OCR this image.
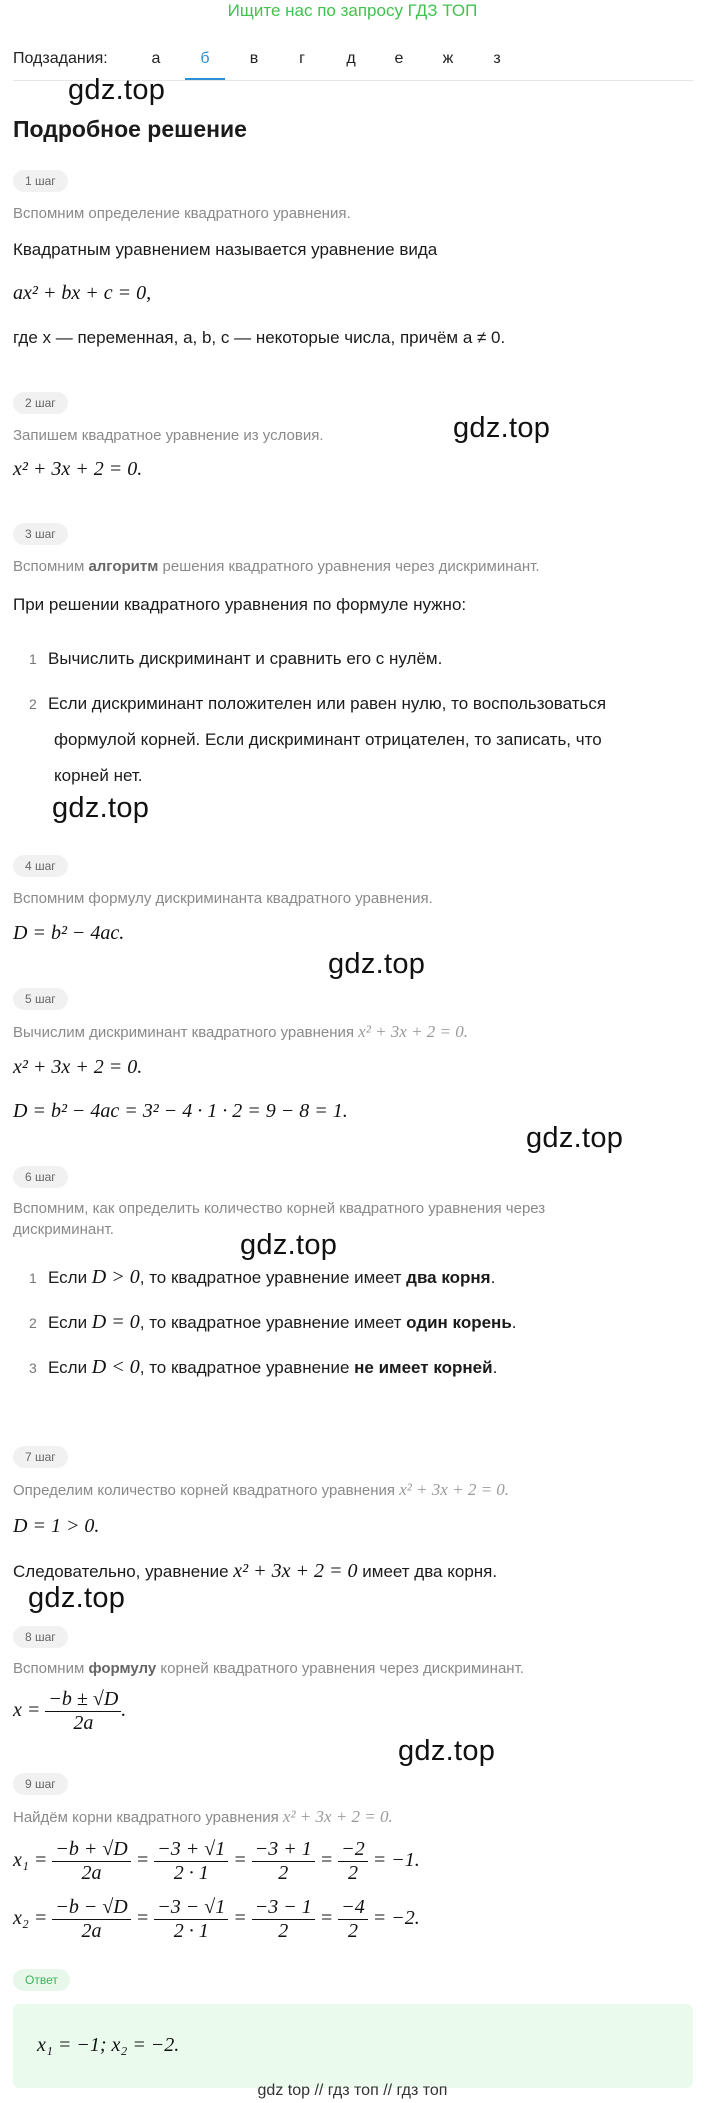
Ищите нас по запросу ГДЗ ТОП
Подзадания:	а	б	в	г	д	е	ж	з
gdz.top
gdz.top
gdz.top
gdz.top
gdz.top
gdz.top
gdz.top
gdz.top
Подробное решение
1 шаг
Вспомним определение квадратного уравнения.
Квадратным уравнением называется уравнение вида
ax² + bx + c = 0,
где x — переменная, a, b, c — некоторые числа, причём a ≠ 0.
2 шаг
Запишем квадратное уравнение из условия.
x² + 3x + 2 = 0.
3 шаг
Вспомним алгоритм решения квадратного уравнения через дискриминант.
При решении квадратного уравнения по формуле нужно:
1 Вычислить дискриминант и сравнить его с нулём.
2 Если дискриминант положителен или равен нулю, то воспользоваться
формулой корней. Если дискриминант отрицателен, то записать, что
корней нет.
4 шаг
Вспомним формулу дискриминанта квадратного уравнения.
D = b² − 4ac.
5 шаг
Вычислим дискриминант квадратного уравнения x² + 3x + 2 = 0.
x² + 3x + 2 = 0.
D = b² − 4ac = 3² − 4 · 1 · 2 = 9 − 8 = 1.
6 шаг
Вспомним, как определить количество корней квадратного уравнения через
дискриминант.
1 Если D > 0, то квадратное уравнение имеет два корня.
2 Если D = 0, то квадратное уравнение имеет один корень.
3 Если D < 0, то квадратное уравнение не имеет корней.
7 шаг
Определим количество корней квадратного уравнения x² + 3x + 2 = 0.
D = 1 > 0.
Следовательно, уравнение x² + 3x + 2 = 0 имеет два корня.
8 шаг
Вспомним формулу корней квадратного уравнения через дискриминант.
$x = \frac{-b \pm √D}{2a}$ .
9 шаг
Найдём корни квадратного уравнения x² + 3x + 2 = 0.
$x_1 = \frac{-b + √D}{2a} = \frac{-3 + √1}{2 \cdot 1} = \frac{-3 + 1}{2} = \frac{-2}{2} = -1$.
$x_2 = \frac{-b - √D}{2a} = \frac{-3 - √1}{2 \cdot 1} = \frac{-3 - 1}{2} = \frac{-4}{2} = -2$.
Ответ
x₁ = −1; x₂ = −2.
gdz top // гдз топ // гдз топ
